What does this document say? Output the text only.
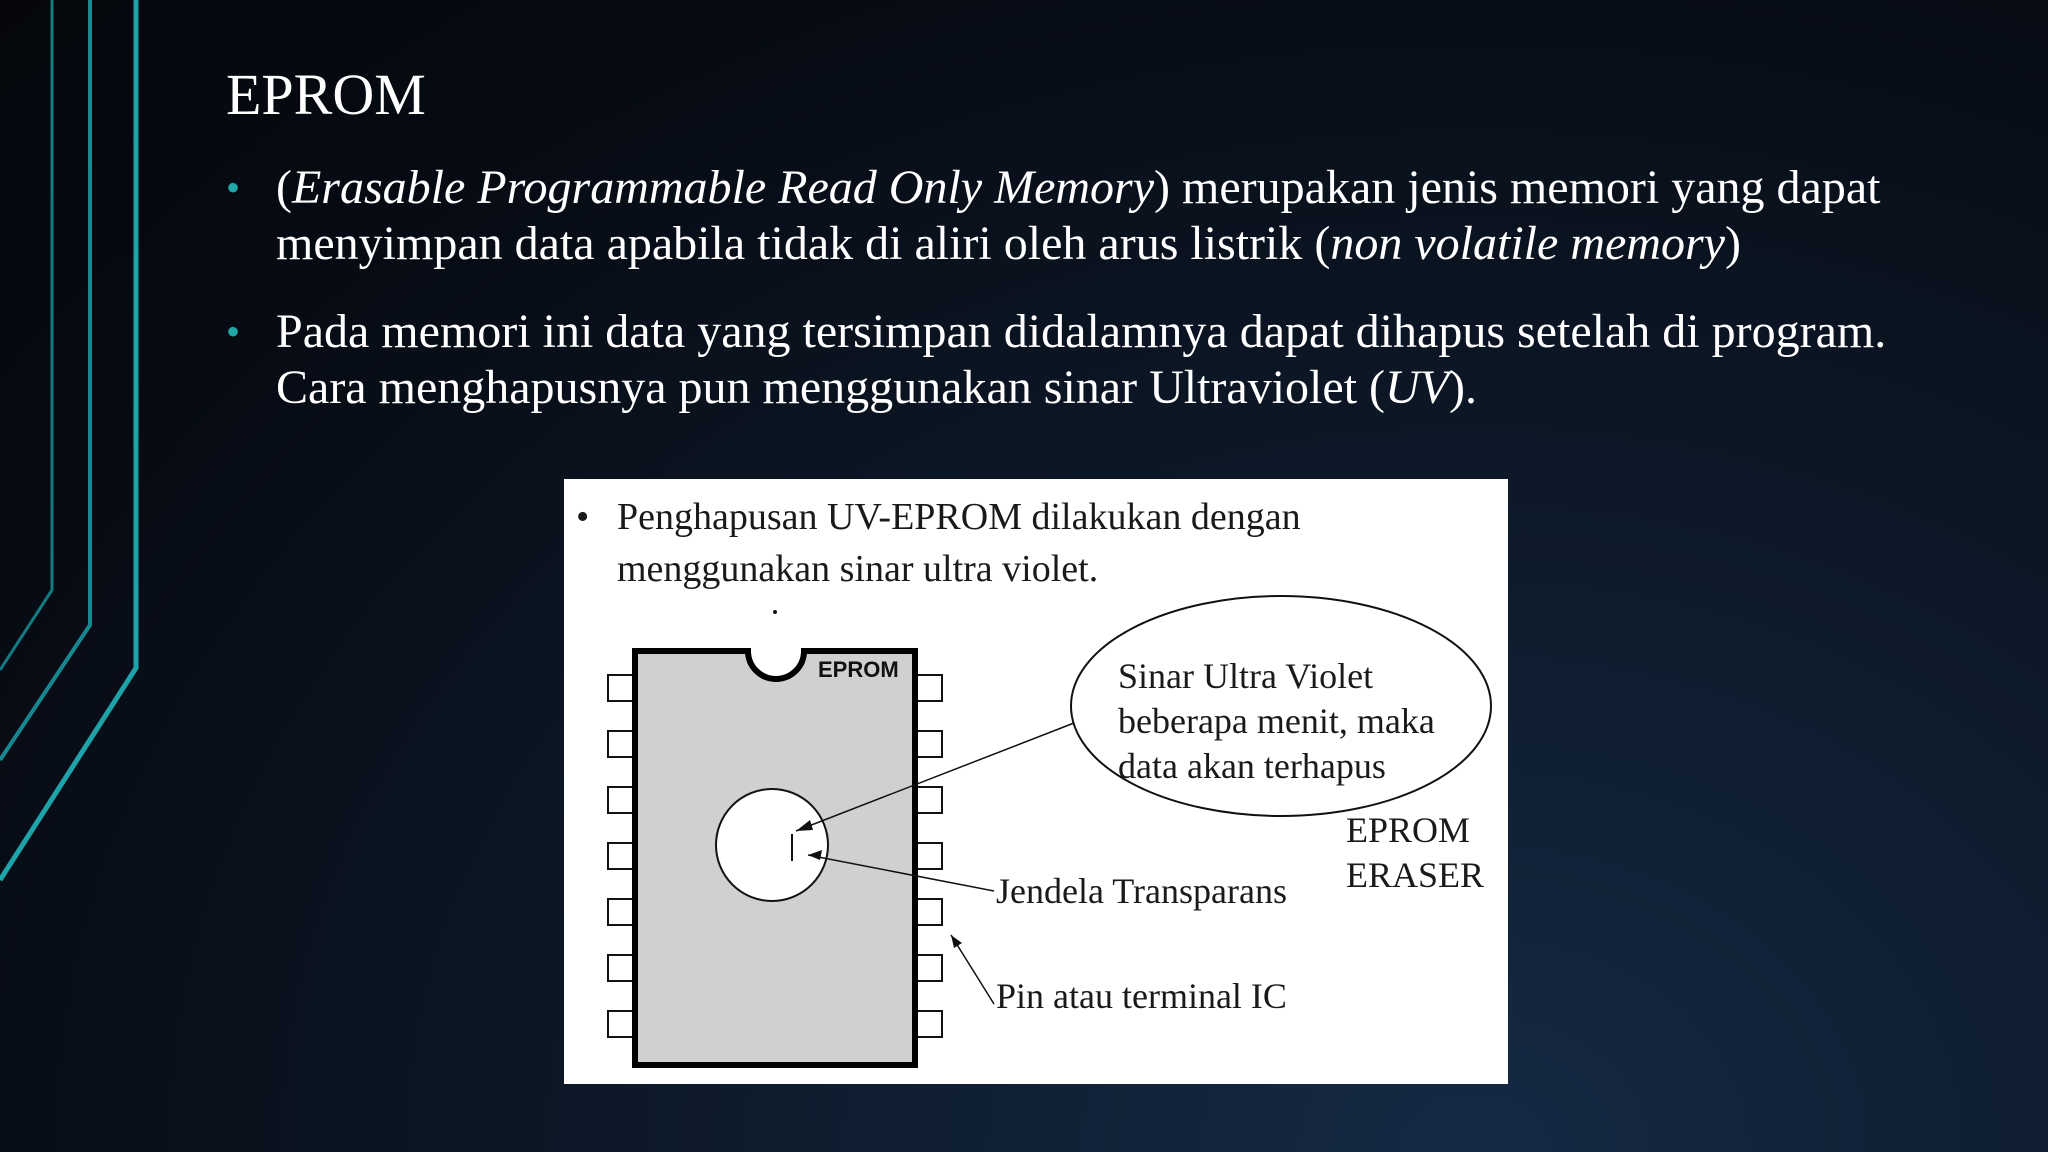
EPROM
• (Erasable Programmable Read Only Memory) merupakan jenis memori yang dapat menyimpan data apabila tidak di aliri oleh arus listrik (non volatile memory)
• Pada memori ini data yang tersimpan didalamnya dapat dihapus setelah di program. Cara menghapusnya pun menggunakan sinar Ultraviolet (UV).
• Penghapusan UV-EPROM dilakukan dengan
menggunakan sinar ultra violet.
EPROM	Sinar Ultra Violet
beberapa menit, maka
data akan terhapus
EPROM
ERASER
Jendela Transparans
Pin atau terminal IC
